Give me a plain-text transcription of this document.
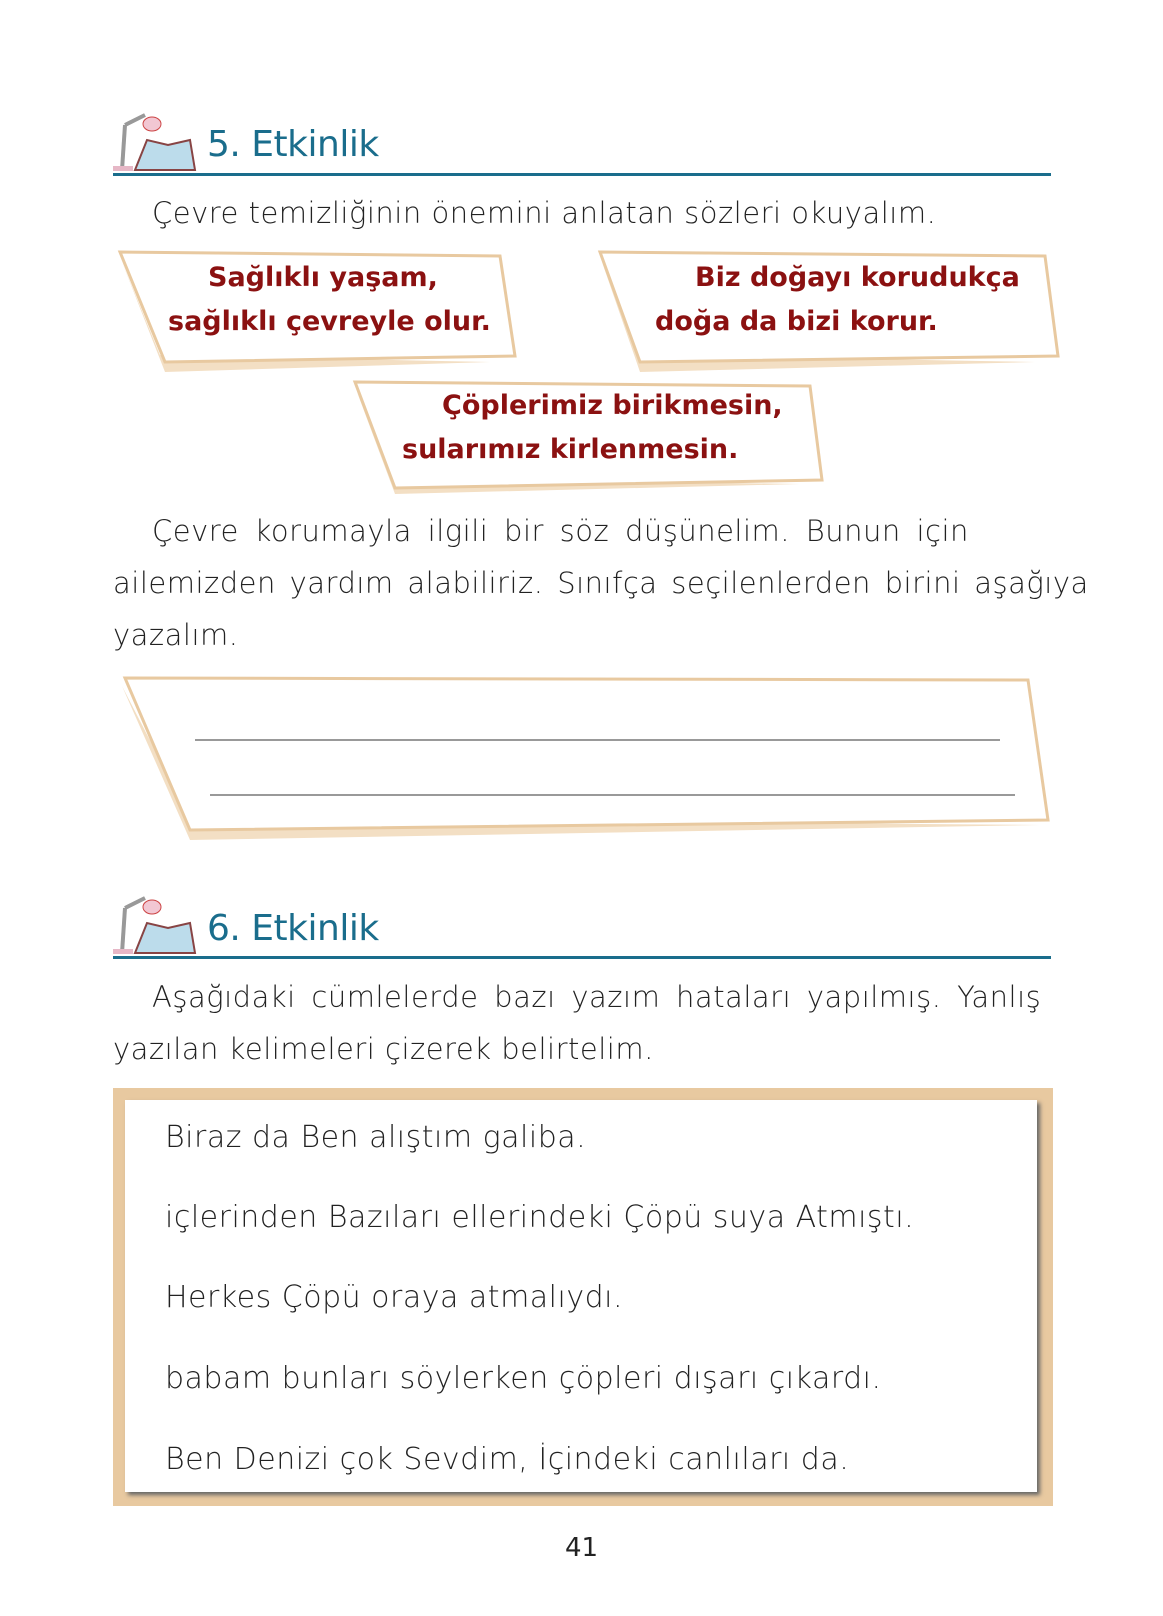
5. Etkinlik
Çevre temizliğinin önemini anlatan sözleri okuyalım.
Sağlıklı yaşam,
sağlıklı çevreyle olur.
Biz doğayı korudukça
doğa da bizi korur.
Çöplerimiz birikmesin,
sularımız kirlenmesin.
Çevre korumayla ilgili bir söz düşünelim. Bunun için
ailemizden yardım alabiliriz. Sınıfça seçilenlerden birini aşağıya
yazalım.
6. Etkinlik
Aşağıdaki cümlelerde bazı yazım hataları yapılmış. Yanlış
yazılan kelimeleri çizerek belirtelim.
Biraz da Ben alıştım galiba.
içlerinden Bazıları ellerindeki Çöpü suya Atmıştı.
Herkes Çöpü oraya atmalıydı.
babam bunları söylerken çöpleri dışarı çıkardı.
Ben Denizi çok Sevdim, İçindeki canlıları da.
41
